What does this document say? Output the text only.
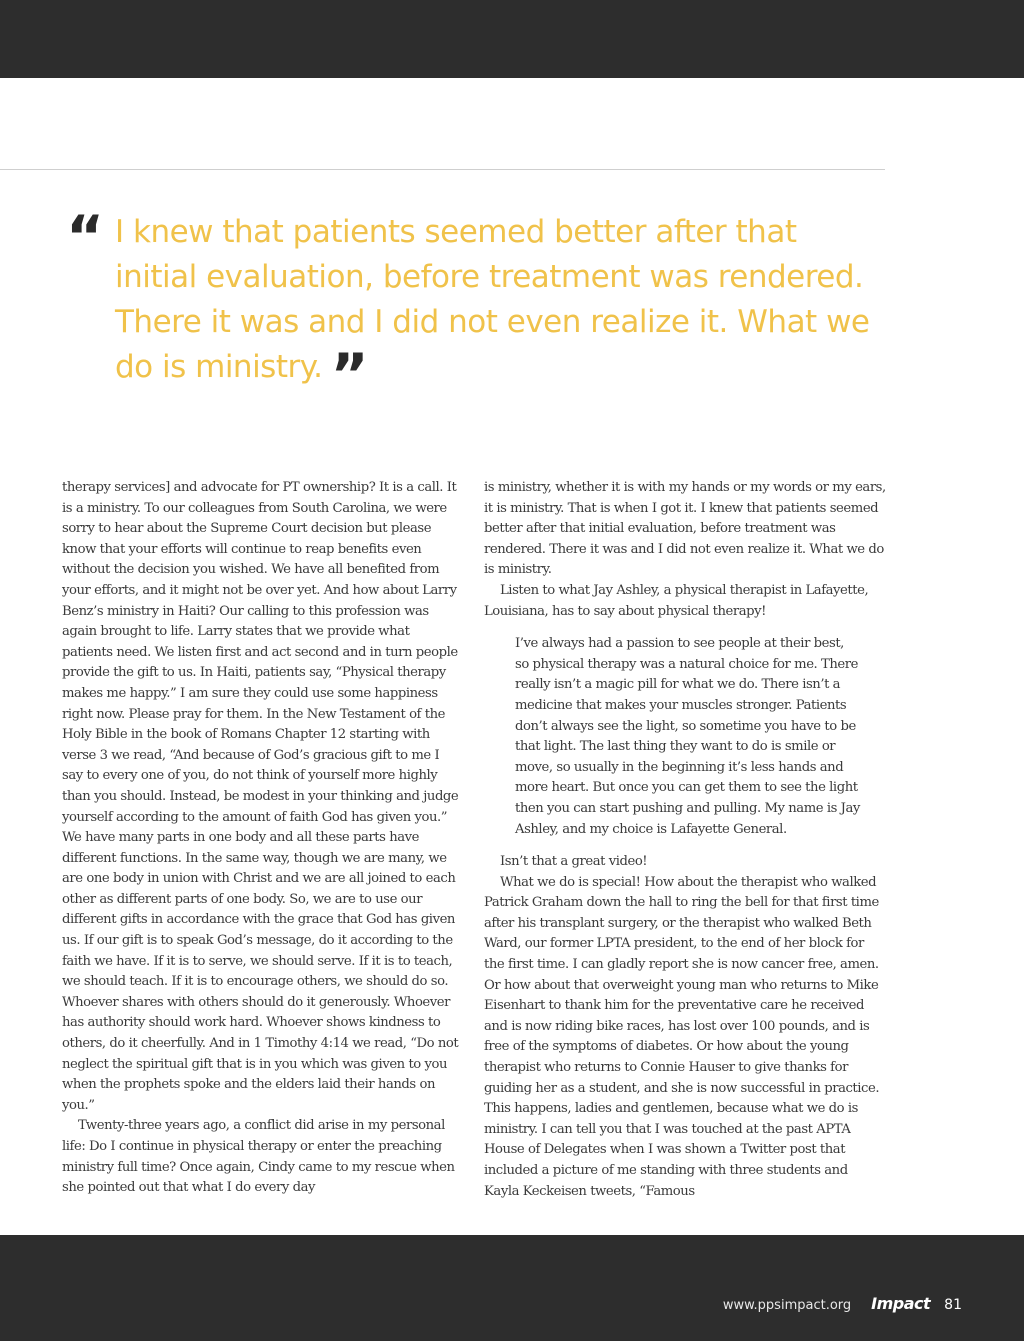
“ I knew that patients seemed better after that initial evaluation, before treatment was rendered. There it was and I did not even realize it. What we do is ministry. ”

therapy services] and advocate for PT ownership? It is a call. It is a ministry. To our colleagues from South Carolina, we were sorry to hear about the Supreme Court decision but please know that your efforts will continue to reap benefits even without the decision you wished. We have all benefited from your efforts, and it might not be over yet. And how about Larry Benz’s ministry in Haiti? Our calling to this profession was again brought to life. Larry states that we provide what patients need. We listen first and act second and in turn people provide the gift to us. In Haiti, patients say, “Physical therapy makes me happy.” I am sure they could use some happiness right now. Please pray for them. In the New Testament of the Holy Bible in the book of Romans Chapter 12 starting with verse 3 we read, “And because of God’s gracious gift to me I say to every one of you, do not think of yourself more highly than you should. Instead, be modest in your thinking and judge yourself according to the amount of faith God has given you.” We have many parts in one body and all these parts have different functions. In the same way, though we are many, we are one body in union with Christ and we are all joined to each other as different parts of one body. So, we are to use our different gifts in accordance with the grace that God has given us. If our gift is to speak God’s message, do it according to the faith we have. If it is to serve, we should serve. If it is to teach, we should teach. If it is to encourage others, we should do so. Whoever shares with others should do it generously. Whoever has authority should work hard. Whoever shows kindness to others, do it cheerfully. And in 1 Timothy 4:14 we read, “Do not neglect the spiritual gift that is in you which was given to you when the prophets spoke and the elders laid their hands on you.”

Twenty-three years ago, a conflict did arise in my personal life: Do I continue in physical therapy or enter the preaching ministry full time? Once again, Cindy came to my rescue when she pointed out that what I do every day

is ministry, whether it is with my hands or my words or my ears, it is ministry. That is when I got it. I knew that patients seemed better after that initial evaluation, before treatment was rendered. There it was and I did not even realize it. What we do is ministry.

Listen to what Jay Ashley, a physical therapist in Lafayette, Louisiana, has to say about physical therapy!

I’ve always had a passion to see people at their best, so physical therapy was a natural choice for me. There really isn’t a magic pill for what we do. There isn’t a medicine that makes your muscles stronger. Patients don’t always see the light, so sometime you have to be that light. The last thing they want to do is smile or move, so usually in the beginning it’s less hands and more heart. But once you can get them to see the light then you can start pushing and pulling. My name is Jay Ashley, and my choice is Lafayette General.

Isn’t that a great video!

What we do is special! How about the therapist who walked Patrick Graham down the hall to ring the bell for that first time after his transplant surgery, or the therapist who walked Beth Ward, our former LPTA president, to the end of her block for the first time. I can gladly report she is now cancer free, amen. Or how about that overweight young man who returns to Mike Eisenhart to thank him for the preventative care he received and is now riding bike races, has lost over 100 pounds, and is free of the symptoms of diabetes. Or how about the young therapist who returns to Connie Hauser to give thanks for guiding her as a student, and she is now successful in practice. This happens, ladies and gentlemen, because what we do is ministry. I can tell you that I was touched at the past APTA House of Delegates when I was shown a Twitter post that included a picture of me standing with three students and Kayla Keckeisen tweets, “Famous

www.ppsimpact.org Impact 81
